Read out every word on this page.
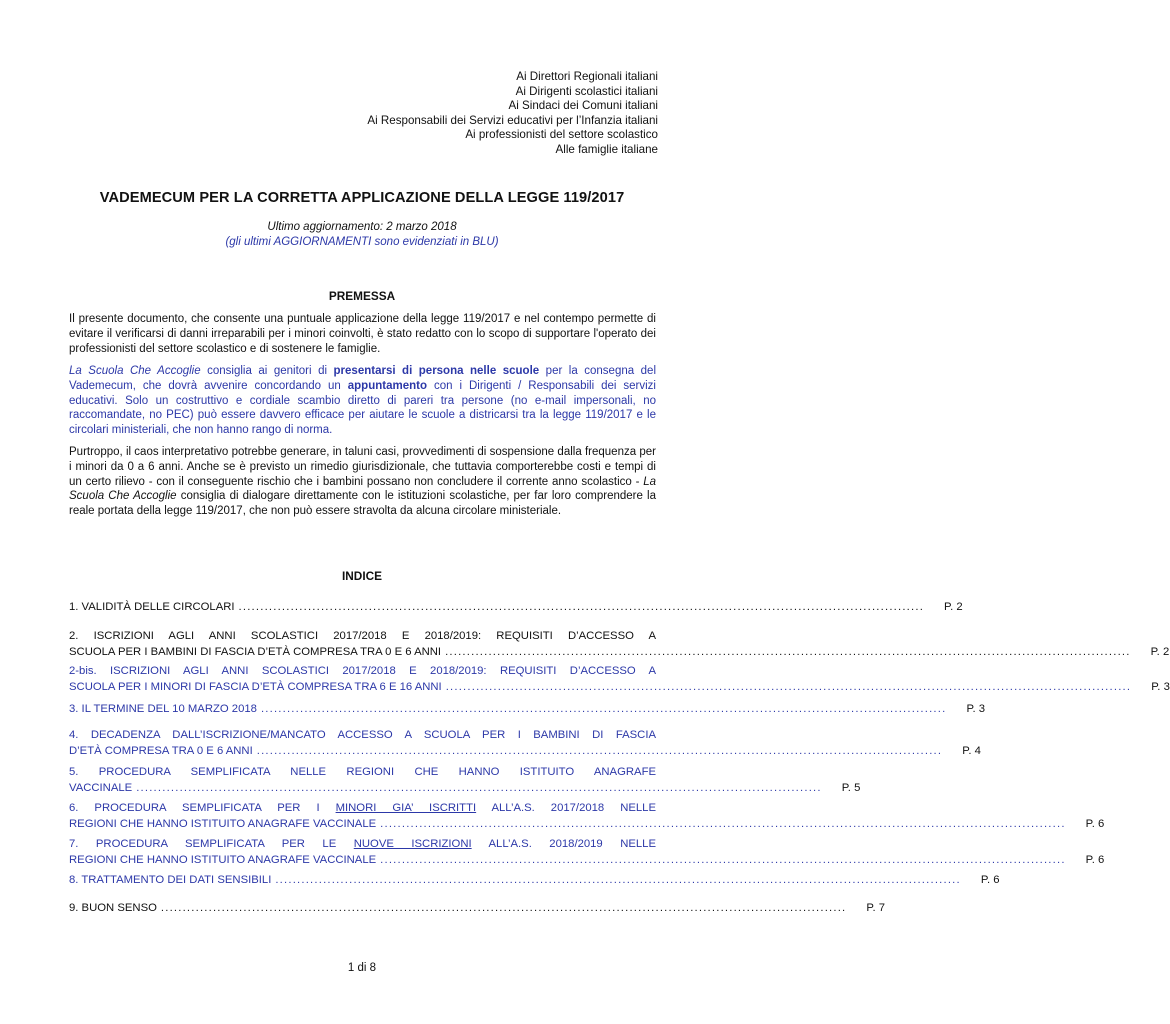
Ai Direttori Regionali italiani
Ai Dirigenti scolastici italiani
Ai Sindaci dei Comuni italiani
Ai Responsabili dei Servizi educativi per l’Infanzia italiani
Ai professionisti del settore scolastico
Alle famiglie italiane
VADEMECUM PER LA CORRETTA APPLICAZIONE DELLA LEGGE 119/2017
Ultimo aggiornamento: 2 marzo 2018
(gli ultimi AGGIORNAMENTI sono evidenziati in BLU)
PREMESSA

Il presente documento, che consente una puntuale applicazione della legge 119/2017 e nel contempo permette di evitare il verificarsi di danni irreparabili per i minori coinvolti, è stato redatto con lo scopo di supportare l'operato dei professionisti del settore scolastico e di sostenere le famiglie.

La Scuola Che Accoglie consiglia ai genitori di presentarsi di persona nelle scuole per la consegna del Vademecum, che dovrà avvenire concordando un appuntamento con i Dirigenti / Responsabili dei servizi educativi. Solo un costruttivo e cordiale scambio diretto di pareri tra persone (no e-mail impersonali, no raccomandate, no PEC) può essere davvero efficace per aiutare le scuole a districarsi tra la legge 119/2017 e le circolari ministeriali, che non hanno rango di norma.

Purtroppo, il caos interpretativo potrebbe generare, in taluni casi, provvedimenti di sospensione dalla frequenza per i minori da 0 a 6 anni. Anche se è previsto un rimedio giurisdizionale, che tuttavia comporterebbe costi e tempi di un certo rilievo - con il conseguente rischio che i bambini possano non concludere il corrente anno scolastico - La Scuola Che Accoglie consiglia di dialogare direttamente con le istituzioni scolastiche, per far loro comprendere la reale portata della legge 119/2017, che non può essere stravolta da alcuna circolare ministeriale.

INDICE
1. VALIDITÀ DELLE CIRCOLARI .............................................................................................................................................................. P. 2
2. ISCRIZIONI AGLI ANNI SCOLASTICI 2017/2018 E 2018/2019: REQUISITI D’ACCESSO A
SCUOLA PER I BAMBINI DI FASCIA D’ETÀ COMPRESA TRA 0 E 6 ANNI .............................................................................................................................................................. P. 2
2-bis. ISCRIZIONI AGLI ANNI SCOLASTICI 2017/2018 E 2018/2019: REQUISITI D’ACCESSO A
SCUOLA PER I MINORI DI FASCIA D’ETÀ COMPRESA TRA 6 E 16 ANNI .............................................................................................................................................................. P. 3
3. IL TERMINE DEL 10 MARZO 2018 .............................................................................................................................................................. P. 3
4. DECADENZA DALL’ISCRIZIONE/MANCATO ACCESSO A SCUOLA PER I BAMBINI DI FASCIA
D’ETÀ COMPRESA TRA 0 E 6 ANNI .............................................................................................................................................................. P. 4
5. PROCEDURA SEMPLIFICATA NELLE REGIONI CHE HANNO ISTITUITO ANAGRAFE
VACCINALE .............................................................................................................................................................. P. 5
6. PROCEDURA SEMPLIFICATA PER I MINORI GIA’ ISCRITTI ALL’A.S. 2017/2018 NELLE
REGIONI CHE HANNO ISTITUITO ANAGRAFE VACCINALE .............................................................................................................................................................. P. 6
7. PROCEDURA SEMPLIFICATA PER LE NUOVE ISCRIZIONI ALL’A.S. 2018/2019 NELLE
REGIONI CHE HANNO ISTITUITO ANAGRAFE VACCINALE .............................................................................................................................................................. P. 6
8. TRATTAMENTO DEI DATI SENSIBILI .............................................................................................................................................................. P. 6
9. BUON SENSO .............................................................................................................................................................. P. 7
1 di 8
